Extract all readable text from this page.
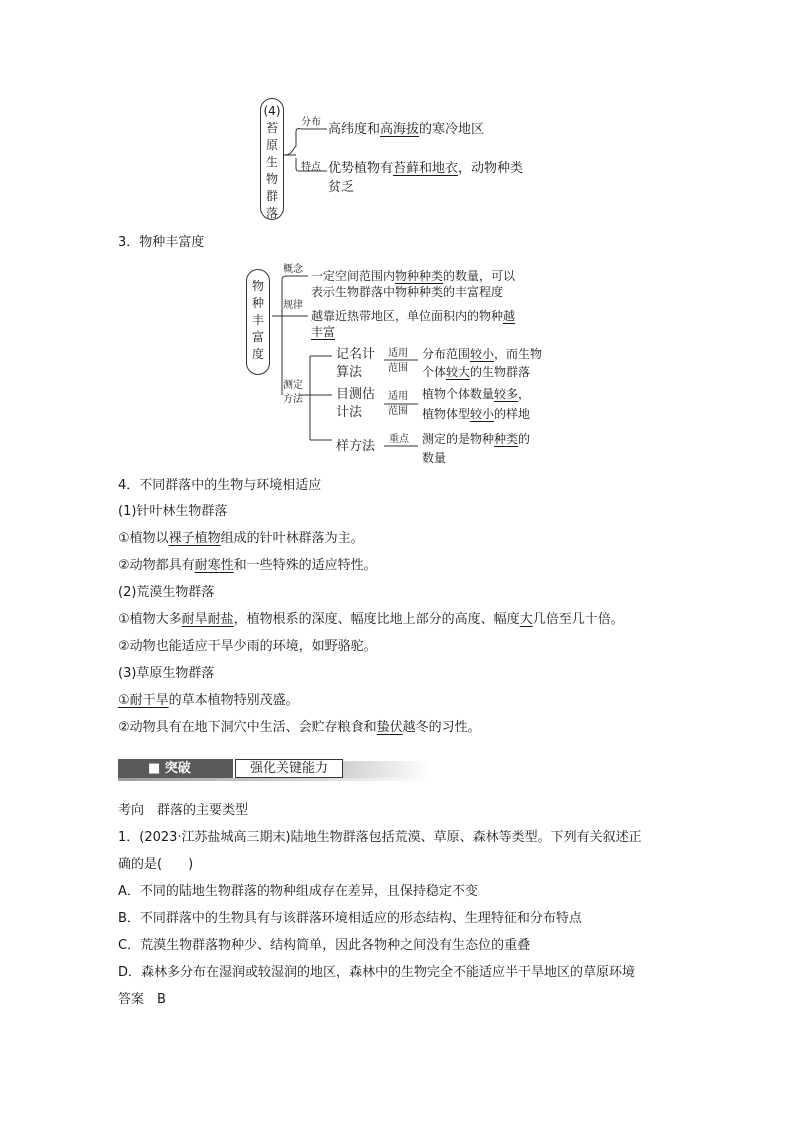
(4)
苔
原
生
物
群
落
分布 高纬度和高海拔的寒冷地区
特点 优势植物有苔藓和地衣，动物种类
贫乏
3．物种丰富度
物
种
丰
富
度
概念 一定空间范围内物种种类的数量，可以
表示生物群落中物种种类的丰富程度
规律
越靠近热带地区，单位面积内的物种越
丰富
测定
方法
记名计
算法
适用
范围
分布范围较小，而生物
个体较大的生物群落
目测估
计法
适用
范围
植物个体数量较多，
植物体型较小的样地
样方法 重点 测定的是物种种类的
数量
4．不同群落中的生物与环境相适应
(1)针叶林生物群落
①植物以裸子植物组成的针叶林群落为主。
②动物都具有耐寒性和一些特殊的适应特性。
(2)荒漠生物群落
①植物大多耐旱耐盐，植物根系的深度、幅度比地上部分的高度、幅度大几倍至几十倍。
②动物也能适应干旱少雨的环境，如野骆驼。
(3)草原生物群落
①耐干旱的草本植物特别茂盛。
②动物具有在地下洞穴中生活、会贮存粮食和蛰伏越冬的习性。
■ 突破	强化关键能力
考向　群落的主要类型
1．(2023·江苏盐城高三期末)陆地生物群落包括荒漠、草原、森林等类型。下列有关叙述正
确的是(　　)
A．不同的陆地生物群落的物种组成存在差异，且保持稳定不变
B．不同群落中的生物具有与该群落环境相适应的形态结构、生理特征和分布特点
C．荒漠生物群落物种少、结构简单，因此各物种之间没有生态位的重叠
D．森林多分布在湿润或较湿润的地区，森林中的生物完全不能适应半干旱地区的草原环境
答案　B
